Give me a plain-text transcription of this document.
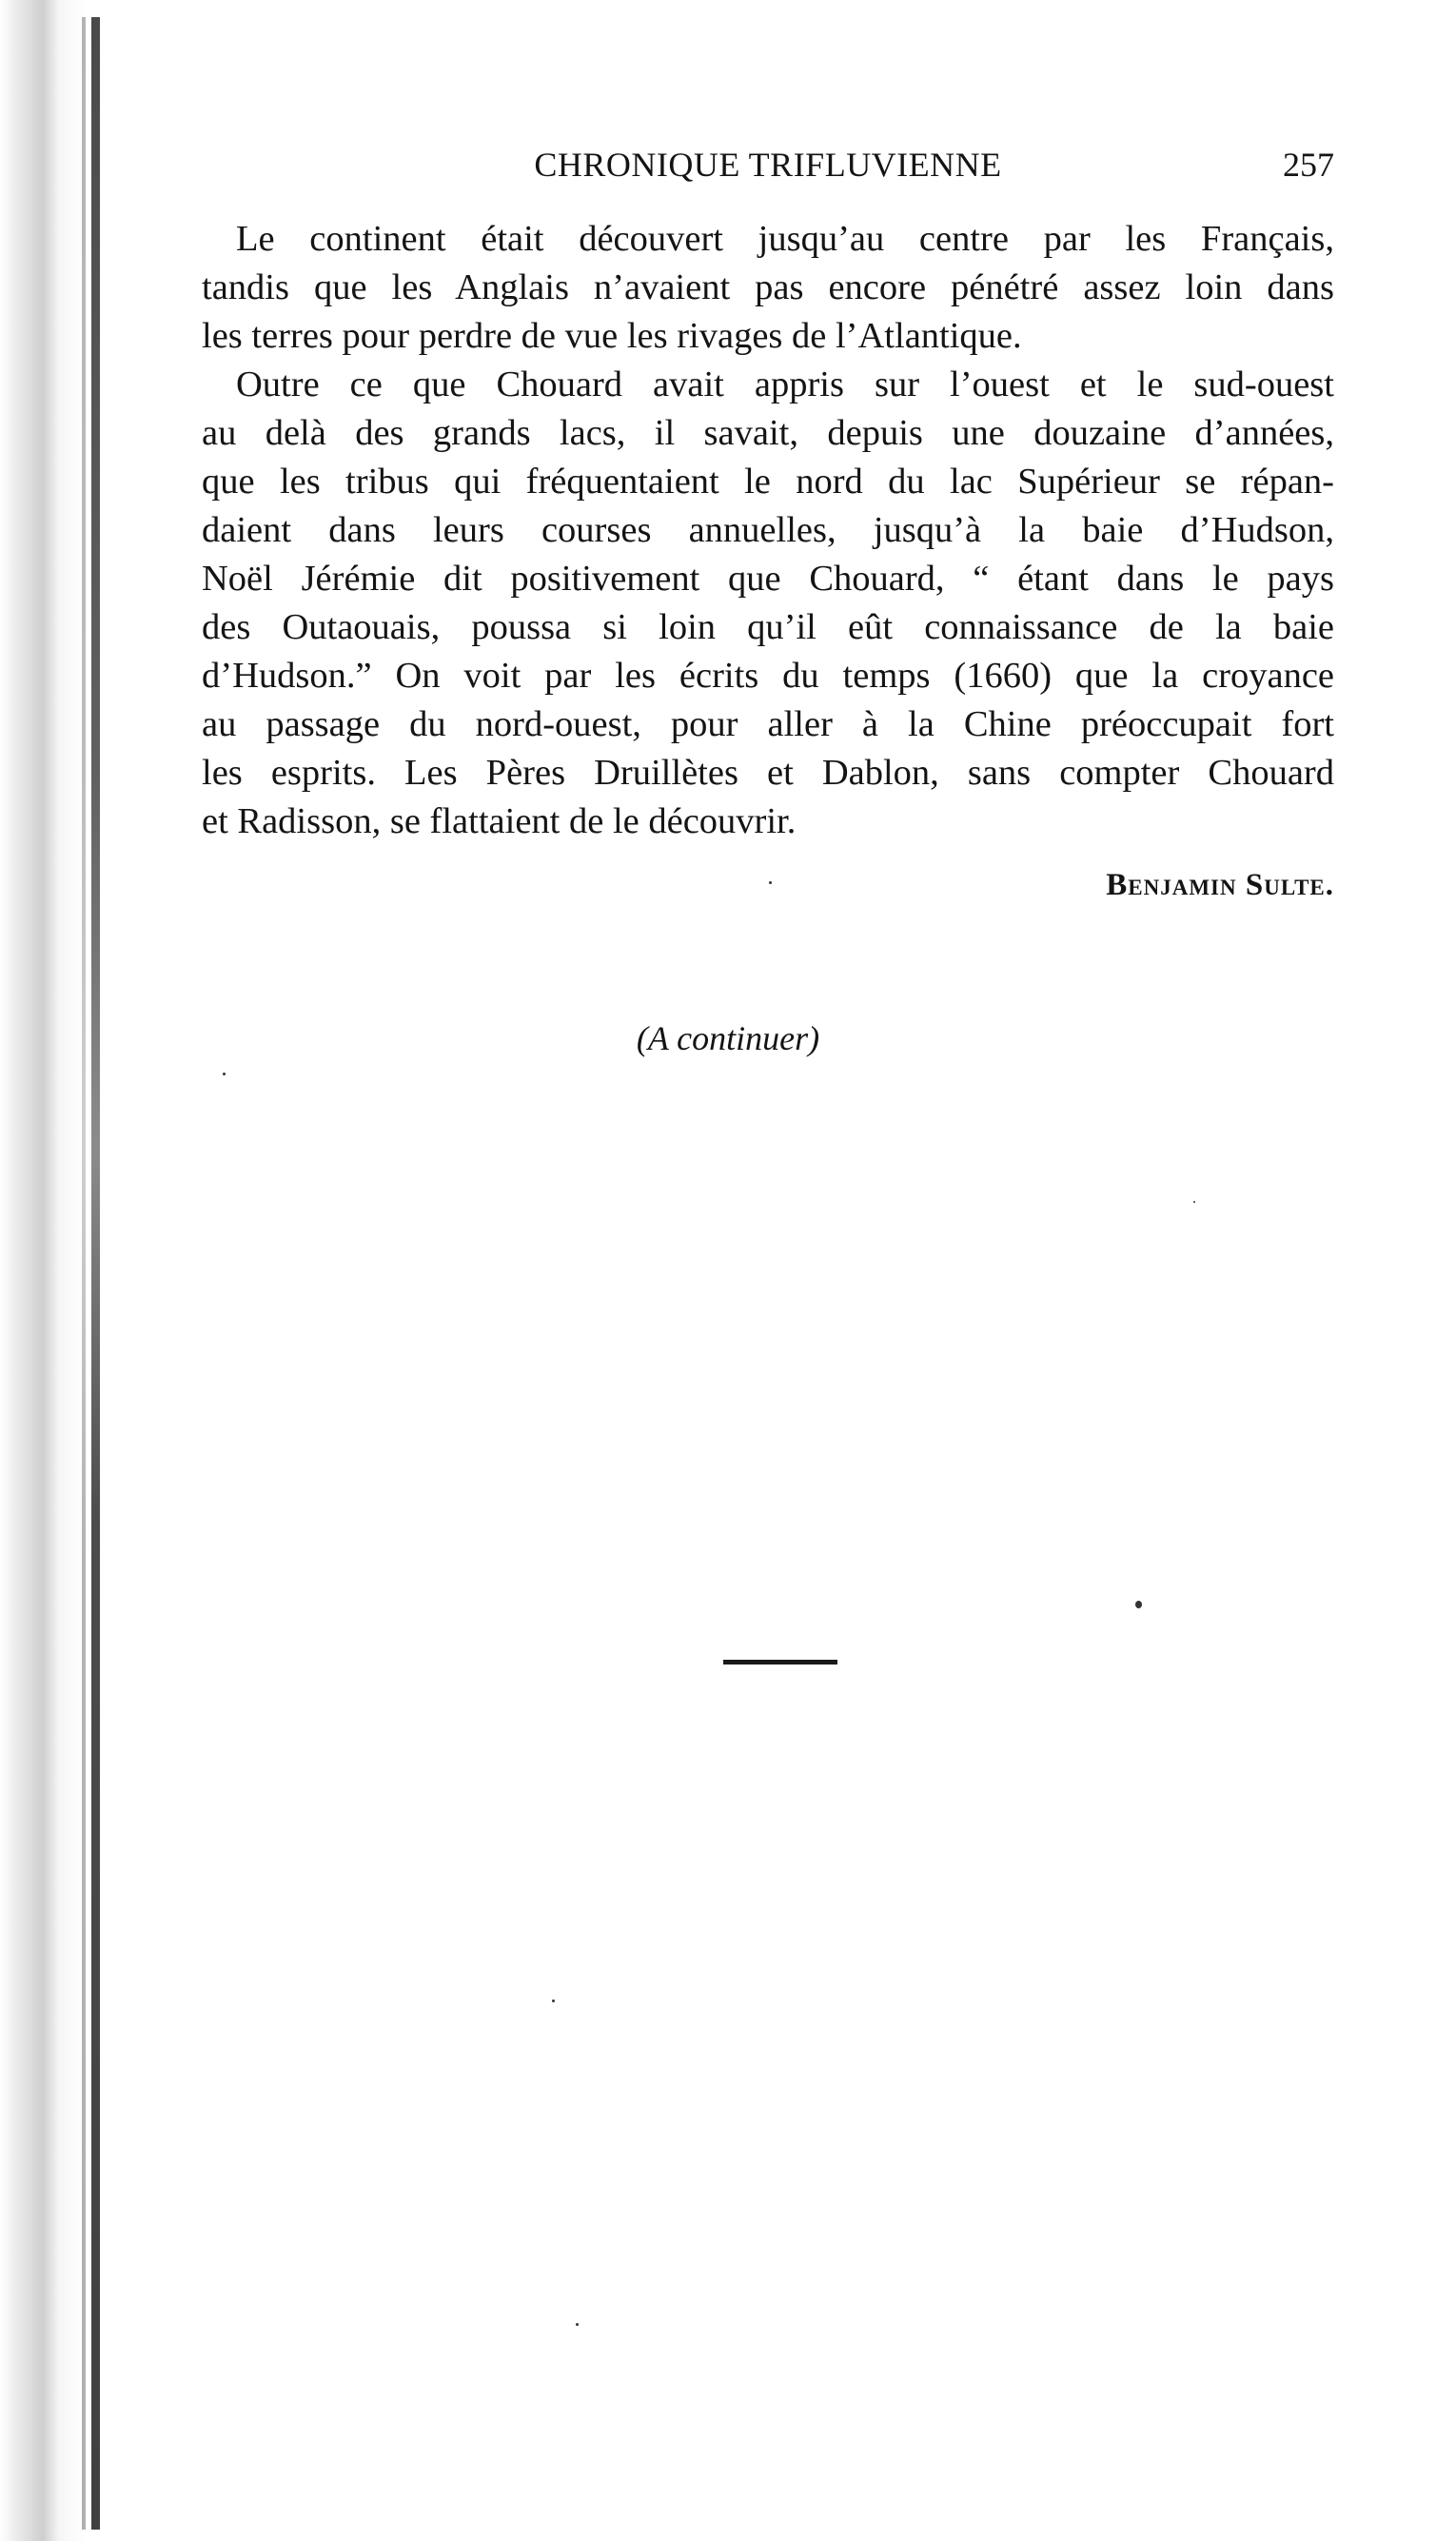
CHRONIQUE TRIFLUVIENNE	257
Le continent était découvert jusqu’au centre par les Français,
tandis que les Anglais n’avaient pas encore pénétré assez loin dans
les terres pour perdre de vue les rivages de l’Atlantique.
Outre ce que Chouard avait appris sur l’ouest et le sud-ouest
au delà des grands lacs, il savait, depuis une douzaine d’années,
que les tribus qui fréquentaient le nord du lac Supérieur se répan-
daient dans leurs courses annuelles, jusqu’à la baie d’Hudson,
Noël Jérémie dit positivement que Chouard, “ étant dans le pays
des Outaouais, poussa si loin qu’il eût connaissance de la baie
d’Hudson.” On voit par les écrits du temps (1660) que la croyance
au passage du nord-ouest, pour aller à la Chine préoccupait fort
les esprits. Les Pères Druillètes et Dablon, sans compter Chouard
et Radisson, se flattaient de le découvrir.
Benjamin Sulte.
(A continuer)
